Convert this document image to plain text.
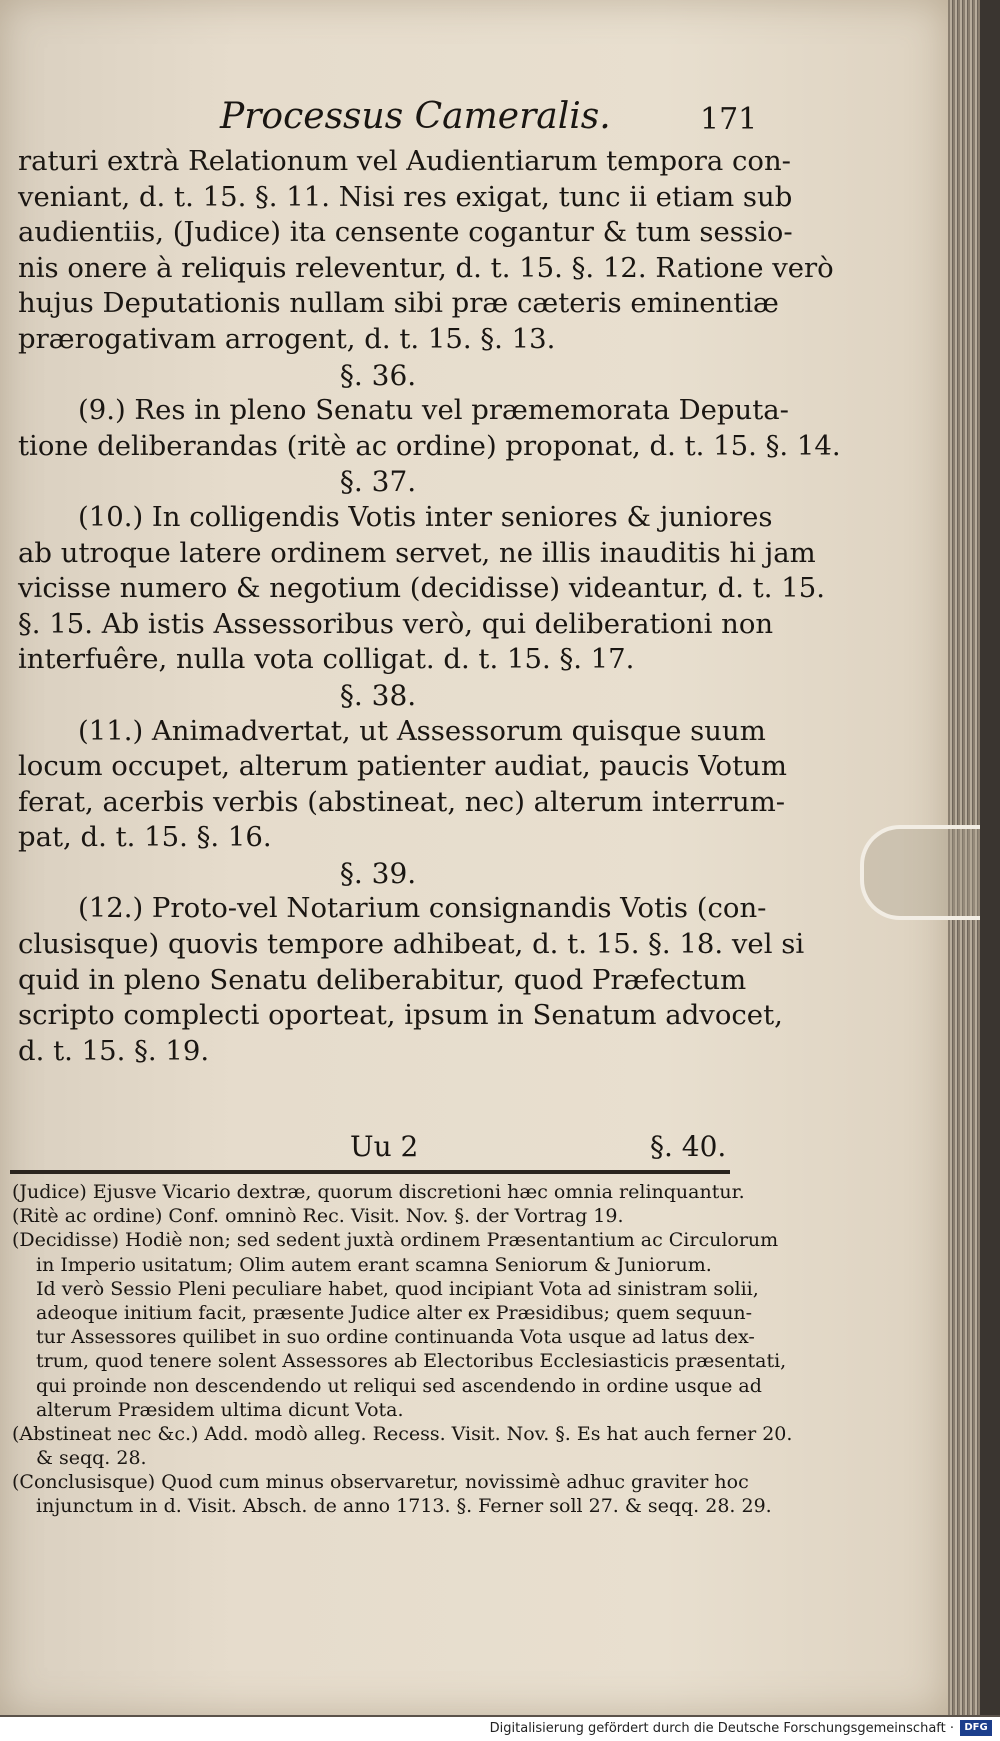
Processus Cameralis.	171
raturi extrà Relationum vel Audientiarum tempora con-
veniant, d. t. 15. §. 11. Nisi res exigat, tunc ii etiam sub
audientiis, (Judice) ita censente cogantur & tum sessio-
nis onere à reliquis releventur, d. t. 15. §. 12. Ratione verò
hujus Deputationis nullam sibi præ cæteris eminentiæ
prærogativam arrogent, d. t. 15. §. 13.
§. 36.
(9.) Res in pleno Senatu vel præmemorata Deputa-
tione deliberandas (ritè ac ordine) proponat, d. t. 15. §. 14.
§. 37.
(10.) In colligendis Votis inter seniores & juniores
ab utroque latere ordinem servet, ne illis inauditis hi jam
vicisse numero & negotium (decidisse) videantur, d. t. 15.
§. 15. Ab istis Assessoribus verò, qui deliberationi non
interfuêre, nulla vota colligat. d. t. 15. §. 17.
§. 38.
(11.) Animadvertat, ut Assessorum quisque suum
locum occupet, alterum patienter audiat, paucis Votum
ferat, acerbis verbis (abstineat, nec) alterum interrum-
pat, d. t. 15. §. 16.
§. 39.
(12.) Proto-vel Notarium consignandis Votis (con-
clusisque) quovis tempore adhibeat, d. t. 15. §. 18. vel si
quid in pleno Senatu deliberabitur, quod Præfectum
scripto complecti oporteat, ipsum in Senatum advocet,
d. t. 15. §. 19.
Uu 2	§. 40.
(Judice) Ejusve Vicario dextræ, quorum discretioni hæc omnia relinquantur.
(Ritè ac ordine) Conf. omninò Rec. Visit. Nov. §. der Vortrag 19.
(Decidisse) Hodiè non; sed sedent juxtà ordinem Præsentantium ac Circulorum
in Imperio usitatum; Olim autem erant scamna Seniorum & Juniorum.
Id verò Sessio Pleni peculiare habet, quod incipiant Vota ad sinistram solii,
adeoque initium facit, præsente Judice alter ex Præsidibus; quem sequun-
tur Assessores quilibet in suo ordine continuanda Vota usque ad latus dex-
trum, quod tenere solent Assessores ab Electoribus Ecclesiasticis præsentati,
qui proinde non descendendo ut reliqui sed ascendendo in ordine usque ad
alterum Præsidem ultima dicunt Vota.
(Abstineat nec &c.) Add. modò alleg. Recess. Visit. Nov. §. Es hat auch ferner 20.
& seqq. 28.
(Conclusisque) Quod cum minus observaretur, novissimè adhuc graviter hoc
injunctum in d. Visit. Absch. de anno 1713. §. Ferner soll 27. & seqq. 28. 29.
Digitalisierung gefördert durch die Deutsche Forschungsgemeinschaft ·	DFG
